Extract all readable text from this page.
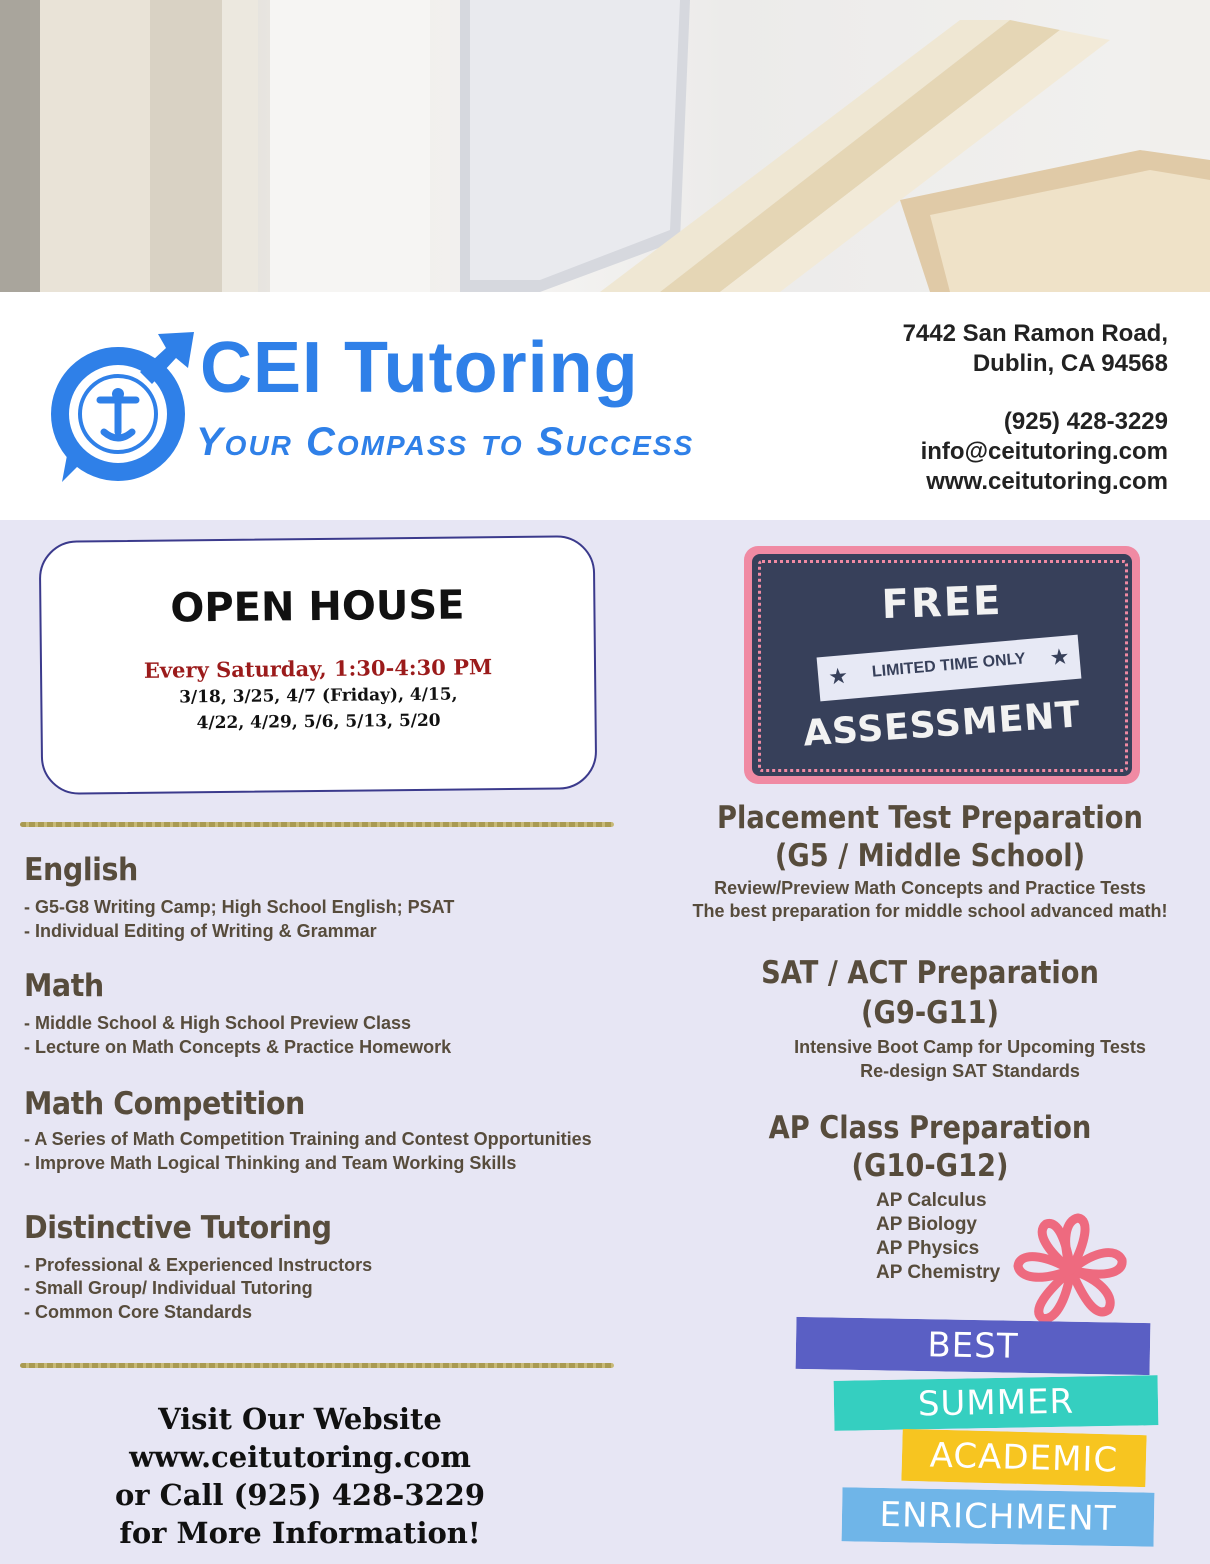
CEI Tutoring
Your Compass to Success
7442 San Ramon Road,
Dublin, CA 94568
(925) 428-3229
info@ceitutoring.com
www.ceitutoring.com
OPEN HOUSE
Every Saturday, 1:30-4:30 PM
3/18, 3/25, 4/7 (Friday), 4/15,
4/22, 4/29, 5/6, 5/13, 5/20
English
- G5-G8 Writing Camp; High School English; PSAT
- Individual Editing of Writing & Grammar
Math
- Middle School & High School Preview Class
- Lecture on Math Concepts & Practice Homework
Math Competition
- A Series of Math Competition Training and Contest Opportunities
- Improve Math Logical Thinking and Team Working Skills
Distinctive Tutoring
- Professional & Experienced Instructors
- Small Group/ Individual Tutoring
- Common Core Standards
Visit Our Website
www.ceitutoring.com
or Call (925) 428-3229
for More Information!
FREE
★	LIMITED TIME ONLY	★
ASSESSMENT
Placement Test Preparation
(G5 / Middle School)
Review/Preview Math Concepts and Practice Tests
The best preparation for middle school advanced math!
SAT / ACT Preparation
(G9-G11)
Intensive Boot Camp for Upcoming Tests
Re-design SAT Standards
AP Class Preparation
(G10-G12)
AP Calculus
AP Biology
AP Physics
AP Chemistry
BEST
SUMMER
ACADEMIC
ENRICHMENT
